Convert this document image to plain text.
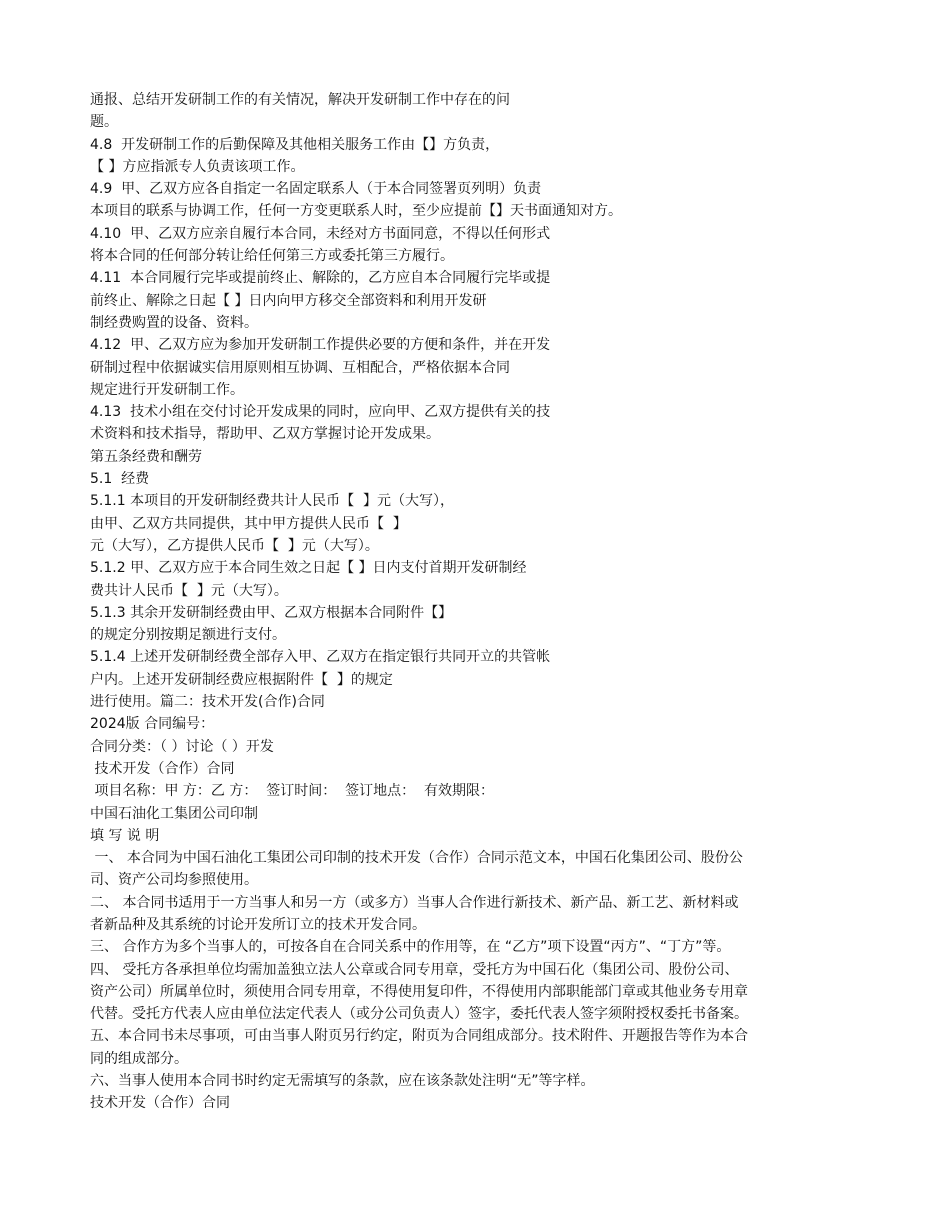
通报、总结开发研制工作的有关情况，解决开发研制工作中存在的问
题。
4.8  开发研制工作的后勤保障及其他相关服务工作由【】方负责，
【 】方应指派专人负责该项工作。
4.9  甲、乙双方应各自指定一名固定联系人（于本合同签署页列明）负责
本项目的联系与协调工作，任何一方变更联系人时，至少应提前【】天书面通知对方。
4.10  甲、乙双方应亲自履行本合同，未经对方书面同意，不得以任何形式
将本合同的任何部分转让给任何第三方或委托第三方履行。
4.11  本合同履行完毕或提前终止、解除的，乙方应自本合同履行完毕或提
前终止、解除之日起【 】日内向甲方移交全部资料和利用开发研
制经费购置的设备、资料。
4.12  甲、乙双方应为参加开发研制工作提供必要的方便和条件，并在开发
研制过程中依据诚实信用原则相互协调、互相配合，严格依据本合同
规定进行开发研制工作。
4.13  技术小组在交付讨论开发成果的同时，应向甲、乙双方提供有关的技
术资料和技术指导，帮助甲、乙双方掌握讨论开发成果。
第五条经费和酬劳
5.1  经费
5.1.1 本项目的开发研制经费共计人民币【  】元（大写），
由甲、乙双方共同提供，其中甲方提供人民币【  】
元（大写），乙方提供人民币【  】元（大写）。
5.1.2 甲、乙双方应于本合同生效之日起【 】日内支付首期开发研制经
费共计人民币【  】元（大写）。
5.1.3 其余开发研制经费由甲、乙双方根据本合同附件【】
的规定分别按期足额进行支付。
5.1.4 上述开发研制经费全部存入甲、乙双方在指定银行共同开立的共管帐
户内。上述开发研制经费应根据附件【  】的规定
进行使用。篇二：技术开发(合作)合同
2024版 合同编号：
合同分类：（ ）讨论（ ）开发
技术开发（合作）合同
项目名称：甲 方：乙 方：  签订时间：  签订地点：  有效期限：
中国石油化工集团公司印制
填 写 说 明
一、 本合同为中国石油化工集团公司印制的技术开发（合作）合同示范文本，中国石化集团公司、股份公
司、资产公司均参照使用。
二、 本合同书适用于一方当事人和另一方（或多方）当事人合作进行新技术、新产品、新工艺、新材料或
者新品种及其系统的讨论开发所订立的技术开发合同。
三、 合作方为多个当事人的，可按各自在合同关系中的作用等，在 “乙方”项下设置“丙方”、“丁方”等。
四、 受托方各承担单位均需加盖独立法人公章或合同专用章，受托方为中国石化（集团公司、股份公司、
资产公司）所属单位时，须使用合同专用章，不得使用复印件，不得使用内部职能部门章或其他业务专用章
代替。受托方代表人应由单位法定代表人（或分公司负责人）签字，委托代表人签字须附授权委托书备案。
五、本合同书未尽事项，可由当事人附页另行约定，附页为合同组成部分。技术附件、开题报告等作为本合
同的组成部分。
六、当事人使用本合同书时约定无需填写的条款，应在该条款处注明“无”等字样。
技术开发（合作）合同
